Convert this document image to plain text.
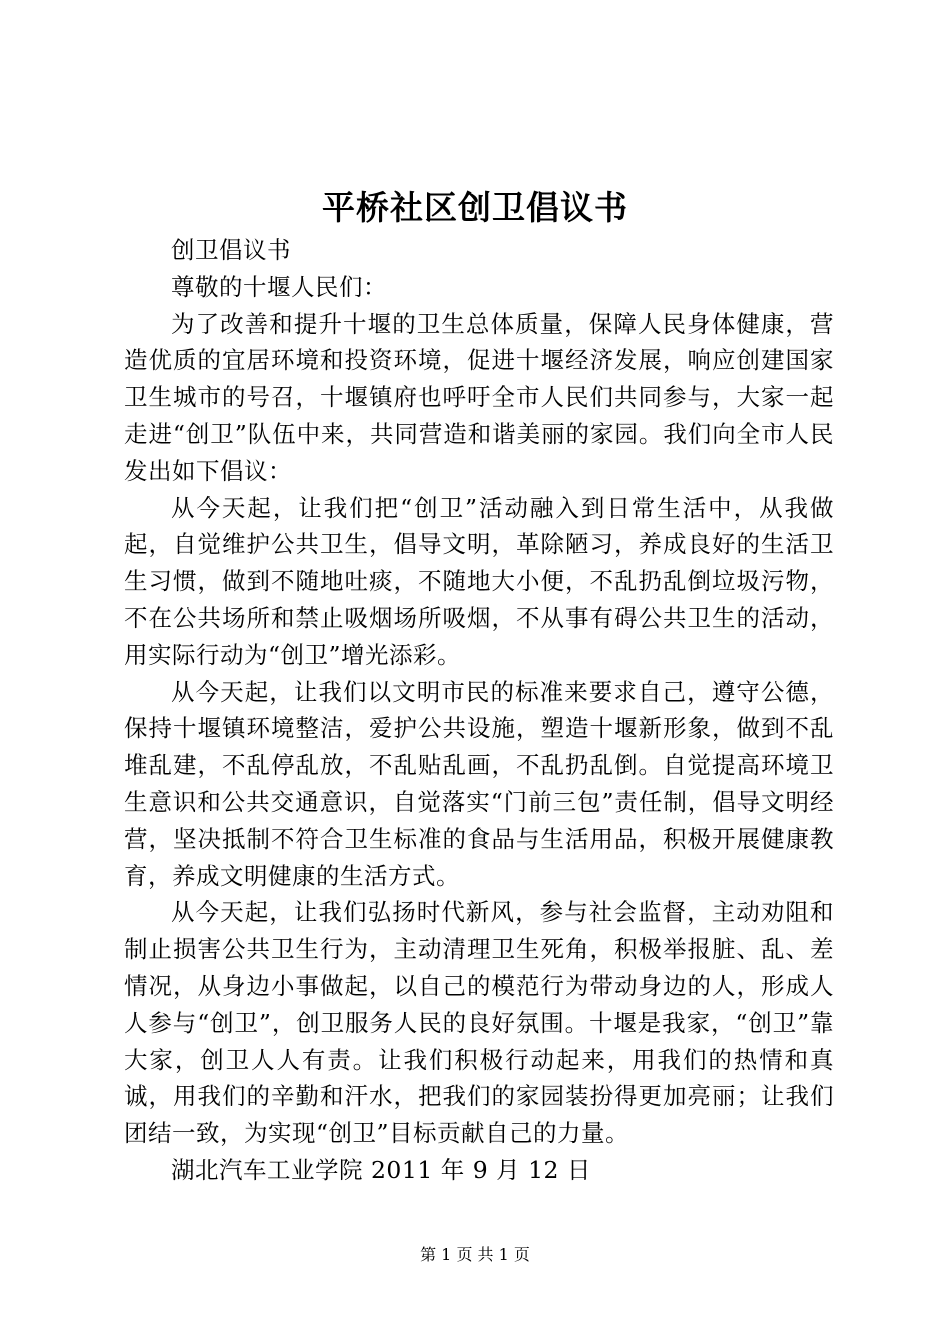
平桥社区创卫倡议书

创卫倡议书

尊敬的十堰人民们：

为了改善和提升十堰的卫生总体质量，保障人民身体健康，营造优质的宜居环境和投资环境，促进十堰经济发展，响应创建国家卫生城市的号召，十堰镇府也呼吁全市人民们共同参与，大家一起走进“创卫”队伍中来，共同营造和谐美丽的家园。我们向全市人民发出如下倡议：

从今天起，让我们把“创卫”活动融入到日常生活中，从我做起，自觉维护公共卫生，倡导文明，革除陋习，养成良好的生活卫生习惯，做到不随地吐痰，不随地大小便，不乱扔乱倒垃圾污物，不在公共场所和禁止吸烟场所吸烟，不从事有碍公共卫生的活动，用实际行动为“创卫”增光添彩。

从今天起，让我们以文明市民的标准来要求自己，遵守公德，保持十堰镇环境整洁，爱护公共设施，塑造十堰新形象，做到不乱堆乱建，不乱停乱放，不乱贴乱画，不乱扔乱倒。自觉提高环境卫生意识和公共交通意识，自觉落实“门前三包”责任制，倡导文明经营，坚决抵制不符合卫生标准的食品与生活用品，积极开展健康教育，养成文明健康的生活方式。

从今天起，让我们弘扬时代新风，参与社会监督，主动劝阻和制止损害公共卫生行为，主动清理卫生死角，积极举报脏、乱、差情况，从身边小事做起，以自己的模范行为带动身边的人，形成人人参与“创卫”，创卫服务人民的良好氛围。十堰是我家，“创卫”靠大家，创卫人人有责。让我们积极行动起来，用我们的热情和真诚，用我们的辛勤和汗水，把我们的家园装扮得更加亮丽；让我们团结一致，为实现“创卫”目标贡献自己的力量。

湖北汽车工业学院 2011 年 9 月 12 日

第 1 页 共 1 页
